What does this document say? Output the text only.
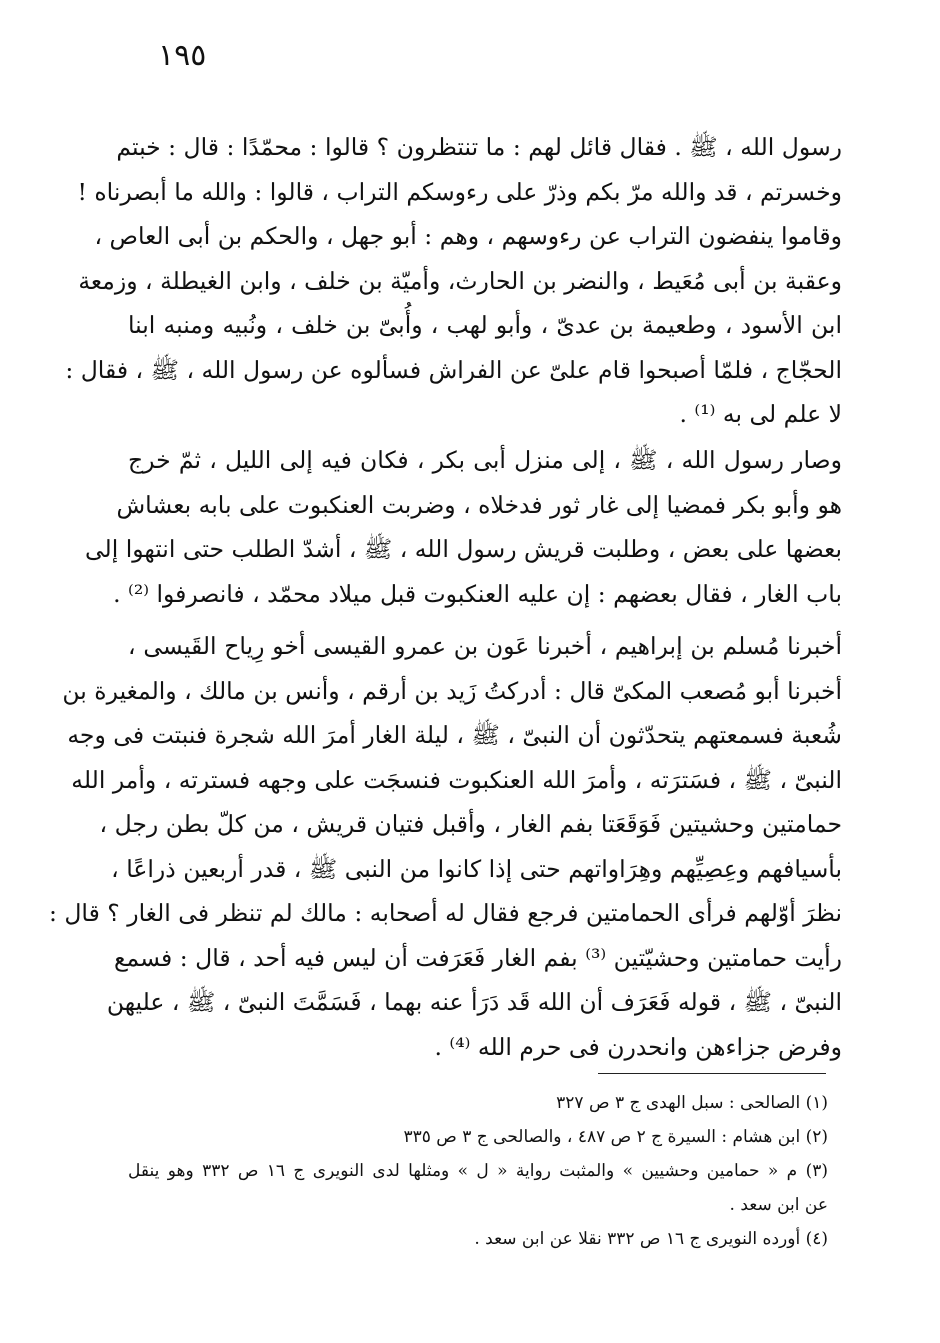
١٩٥
رسول الله ، ﷺ . فقال قائل لهم : ما تنتظرون ؟ قالوا : محمّدًا : قال : خبتم
وخسرتم ، قد والله مرّ بكم وذرّ على رءوسكم التراب ، قالوا : والله ما أبصرناه !
وقاموا ينفضون التراب عن رءوسهم ، وهم : أبو جهل ، والحكم بن أبى العاص ،
وعقبة بن أبى مُعَيط ، والنضر بن الحارث، وأميّة بن خلف ، وابن الغيطلة ، وزمعة
ابن الأسود ، وطعيمة بن عدىّ ، وأبو لهب ، وأُبىّ بن خلف ، ونُبيه ومنبه ابنا
الحجّاج ، فلمّا أصبحوا قام علىّ عن الفراش فسألوه عن رسول الله ، ﷺ ، فقال :
لا علم لى به ⁽¹⁾ .
وصار رسول الله ، ﷺ ، إلى منزل أبى بكر ، فكان فيه إلى الليل ، ثمّ خرج
هو وأبو بكر فمضيا إلى غار ثور فدخلاه ، وضربت العنكبوت على بابه بعشاش
بعضها على بعض ، وطلبت قريش رسول الله ، ﷺ ، أشدّ الطلب حتى انتهوا إلى
باب الغار ، فقال بعضهم : إن عليه العنكبوت قبل ميلاد محمّد ، فانصرفوا ⁽²⁾ .
أخبرنا مُسلم بن إبراهيم ، أخبرنا عَون بن عمرو القيسى أخو رِياح القَيسى ،
أخبرنا أبو مُصعب المكىّ قال : أدركتُ زَيد بن أرقم ، وأنس بن مالك ، والمغيرة بن
شُعبة فسمعتهم يتحدّثون أن النبىّ ، ﷺ ، ليلة الغار أمرَ الله شجرة فنبتت فى وجه
النبىّ ، ﷺ ، فسَترَته ، وأمرَ الله العنكبوت فنسجَت على وجهه فسترته ، وأمر الله
حمامتين وحشيتين فَوَقَعَتا بفم الغار ، وأقبل فتيان قريش ، من كلّ بطن رجل ،
بأسيافهم وعِصِيِّهم وهِرَاواتهم حتى إذا كانوا من النبى ﷺ ، قدر أربعين ذراعًا ،
نظرَ أوّلهم فرأى الحمامتين فرجع فقال له أصحابه : مالك لم تنظر فى الغار ؟ قال :
رأيت حمامتين وحشيّتين ⁽³⁾ بفم الغار فَعَرَفت أن ليس فيه أحد ، قال : فسمع
النبىّ ، ﷺ ، قوله فَعَرَف أن الله قَد دَرَأ عنه بهما ، فَسَمَّتَ النبىّ ، ﷺ ، عليهن
وفرض جزاءهن وانحدرن فى حرم الله ⁽⁴⁾ .
(١) الصالحى : سبل الهدى ج ٣ ص ٣٢٧
(٢) ابن هشام : السيرة ج ٢ ص ٤٨٧ ، والصالحى ج ٣ ص ٣٣٥
(٣) م « حمامين وحشيين » والمثبت رواية « ل » ومثلها لدى النويرى ج ١٦ ص ٣٣٢ وهو ينقل
عن ابن سعد .
(٤) أورده النويرى ج ١٦ ص ٣٣٢ نقلا عن ابن سعد .
